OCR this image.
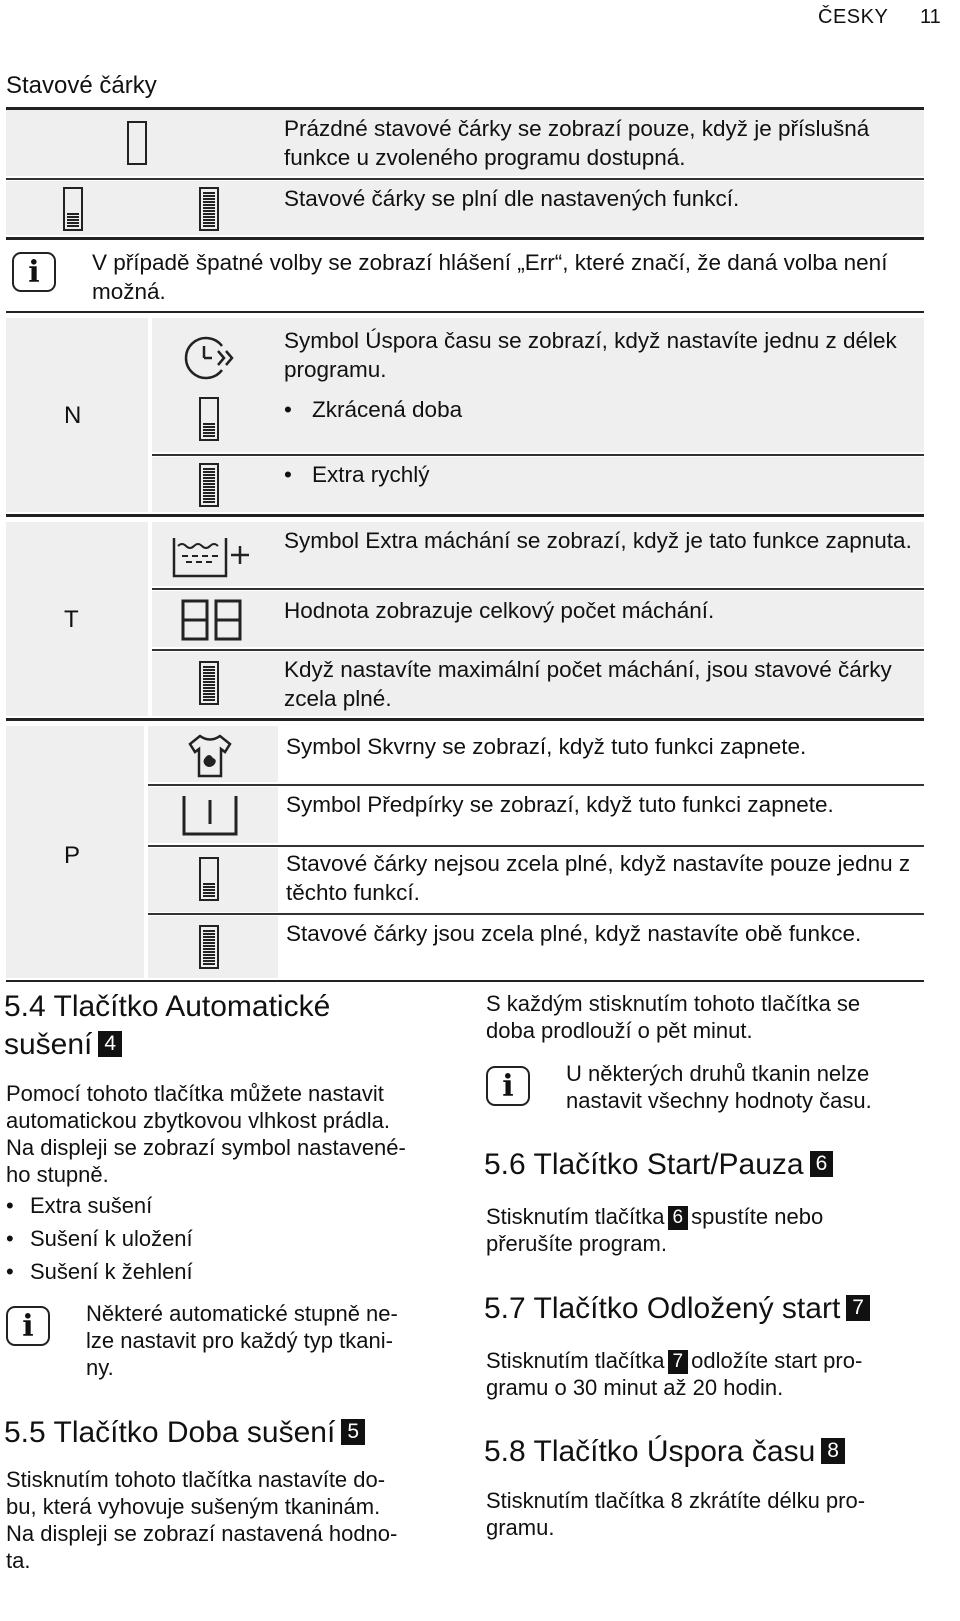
ČESKY 11
Stavové čárky
Prázdné stavové čárky se zobrazí pouze, když je příslušná funkce u zvoleného programu dostupná.
Stavové čárky se plní dle nastavených funkcí.
i	V případě špatné volby se zobrazí hlášení „Err“, které značí, že daná volba není možná.
N
Symbol Úspora času se zobrazí, když nastavíte jednu z délek programu.
• Zkrácená doba
• Extra rychlý
T
Symbol Extra máchání se zobrazí, když je tato funkce zapnuta.
Hodnota zobrazuje celkový počet máchání.
Když nastavíte maximální počet máchání, jsou stavové čárky zcela plné.
P
Symbol Skvrny se zobrazí, když tuto funkci zapnete.
Symbol Předpírky se zobrazí, když tuto funkci zapnete.
Stavové čárky nejsou zcela plné, když nastavíte pouze jednu z těchto funkcí.
Stavové čárky jsou zcela plné, když nastavíte obě funkce.
5.4 Tlačítko Automatické
sušení 4
Pomocí tohoto tlačítka můžete nastavit
automatickou zbytkovou vlhkost prádla.
Na displeji se zobrazí symbol nastavené-
ho stupně.
• Extra sušení
• Sušení k uložení
• Sušení k žehlení
i	Některé automatické stupně ne-
lze nastavit pro každý typ tkani-
ny.
5.5 Tlačítko Doba sušení 5
Stisknutím tohoto tlačítka nastavíte do-
bu, která vyhovuje sušeným tkaninám.
Na displeji se zobrazí nastavená hodno-
ta.
S každým stisknutím tohoto tlačítka se
doba prodlouží o pět minut.
i	U některých druhů tkanin nelze
nastavit všechny hodnoty času.
5.6 Tlačítko Start/Pauza 6
Stisknutím tlačítka 6 spustíte nebo
přerušíte program.
5.7 Tlačítko Odložený start 7
Stisknutím tlačítka 7 odložíte start pro-
gramu o 30 minut až 20 hodin.
5.8 Tlačítko Úspora času 8
Stisknutím tlačítka 8 zkrátíte délku pro-
gramu.
